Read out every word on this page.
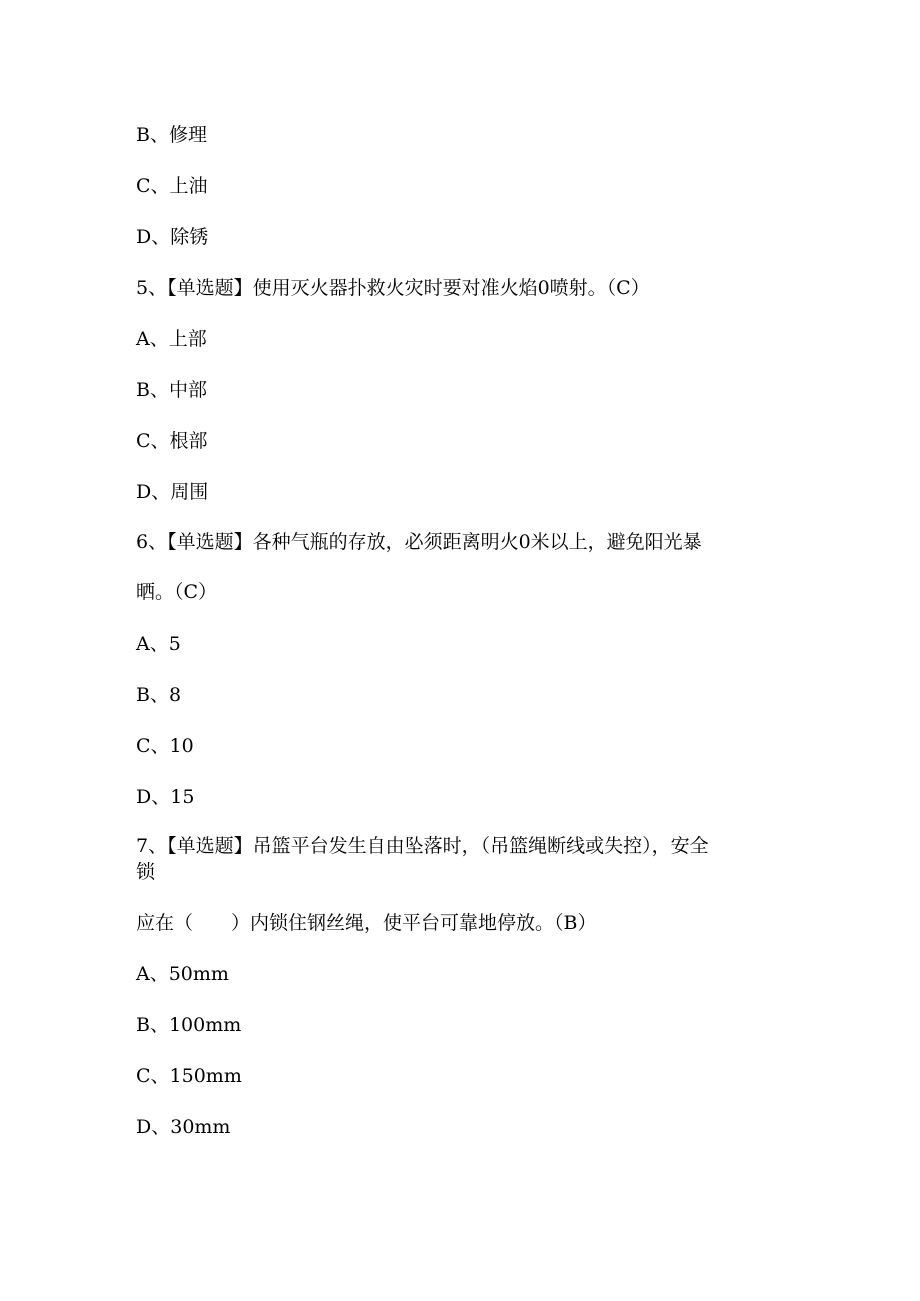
B、修理

C、上油

D、除锈

5、【单选题】使用灭火器扑救火灾时要对准火焰0喷射。（C）

A、上部

B、中部

C、根部

D、周围

6、【单选题】各种气瓶的存放，必须距离明火0米以上，避免阳光暴

晒。（C）

A、5

B、8

C、10

D、15

7、【单选题】吊篮平台发生自由坠落时，（吊篮绳断线或失控），安全

锁

应在（　　）内锁住钢丝绳，使平台可靠地停放。（B）

A、50mm

B、100mm

C、150mm

D、30mm
